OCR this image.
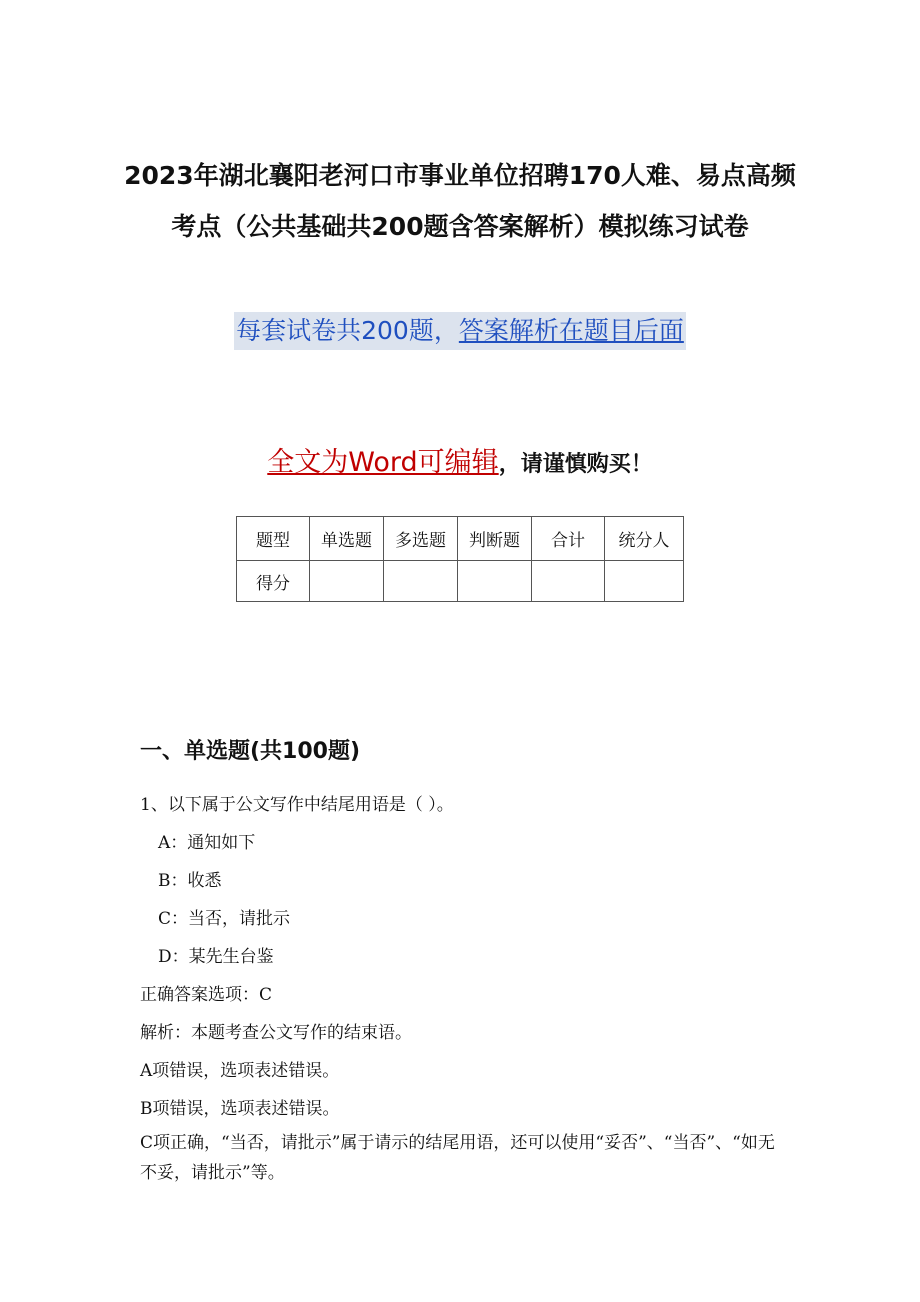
2023年湖北襄阳老河口市事业单位招聘170人难、易点高频
考点（公共基础共200题含答案解析）模拟练习试卷
每套试卷共200题，答案解析在题目后面
全文为Word可编辑，请谨慎购买！
题型	单选题	多选题	判断题	合计	统分人
得分					
一、单选题(共100题)
1、以下属于公文写作中结尾用语是（ ）。
A：通知如下
B：收悉
C：当否，请批示
D：某先生台鉴
正确答案选项：C
解析：本题考查公文写作的结束语。
A项错误，选项表述错误。
B项错误，选项表述错误。
C项正确，“当否，请批示”属于请示的结尾用语，还可以使用“妥否”、“当否”、“如无不妥，请批示”等。
